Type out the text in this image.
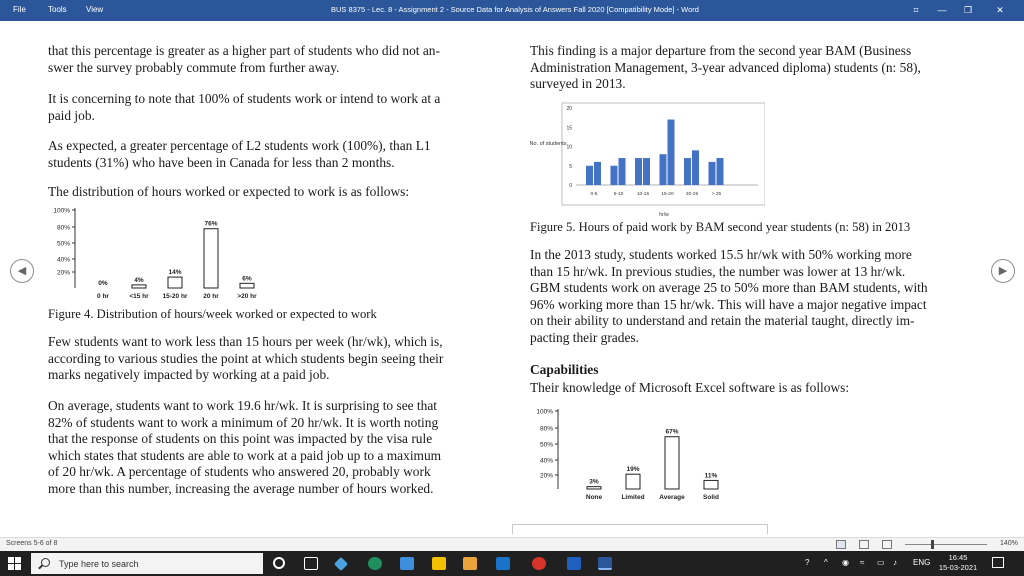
File	Tools View	BUS 8375 - Lec. 8 - Assignment 2 - Source Data for Analysis of Answers Fall 2020 [Compatibility Mode] - Word	⌗	—	❐	✕

that this percentage is greater as a higher part of students who did not an-
swer the survey probably commute from further away.

It is concerning to note that 100% of students work or intend to work at a
paid job.

As expected, a greater percentage of L2 students work (100%), than L1
students (31%) who have been in Canada for less than 2 months.

The distribution of hours worked or expected to work is as follows:

Figure 4. Distribution of hours/week worked or expected to work

Few students want to work less than 15 hours per week (hr/wk), which is,
according to various studies the point at which students begin seeing their
marks negatively impacted by working at a paid job.

On average, students want to work 19.6 hr/wk. It is surprising to see that
82% of students want to work a minimum of 20 hr/wk. It is worth noting
that the response of students on this point was impacted by the visa rule
which states that students are able to work at a paid job up to a maximum
of 20 hr/wk. A percentage of students who answered 20, probably work
more than this number, increasing the average number of hours worked.

20%
40%
50%
80%
100%
0%
0 hr
4%
<15 hr
14%
15-20 hr
76%
20 hr
6%
>20 hr

This finding is a major departure from the second year BAM (Business
Administration Management, 3-year advanced diploma) students (n: 58),
surveyed in 2013.

Figure 5. Hours of paid work by BAM second year students (n: 58) in 2013

In the 2013 study, students worked 15.5 hr/wk with 50% working more
than 15 hr/wk. In previous studies, the number was lower at 13 hr/wk.
GBM students work on average 25 to 50% more than BAM students, with
96% working more than 15 hr/wk. This will have a major negative impact
on their ability to understand and retain the material taught, directly im-
pacting their grades.

Capabilities

Their knowledge of Microsoft Excel software is as follows:

0
5
10
15
20
0-5	5-10	10-15	15-20	20-25	> 25
No. of students
hr/w
20%
40%
50%
80%
100%
3%
None
19%
Limited
67%
Average
11%
Solid
◀	▶
Screens 5-6 of 8	140%
Type here to search	? ^ ◉ ≈ ▭ ♪ ENG
16:45
15-03-2021
